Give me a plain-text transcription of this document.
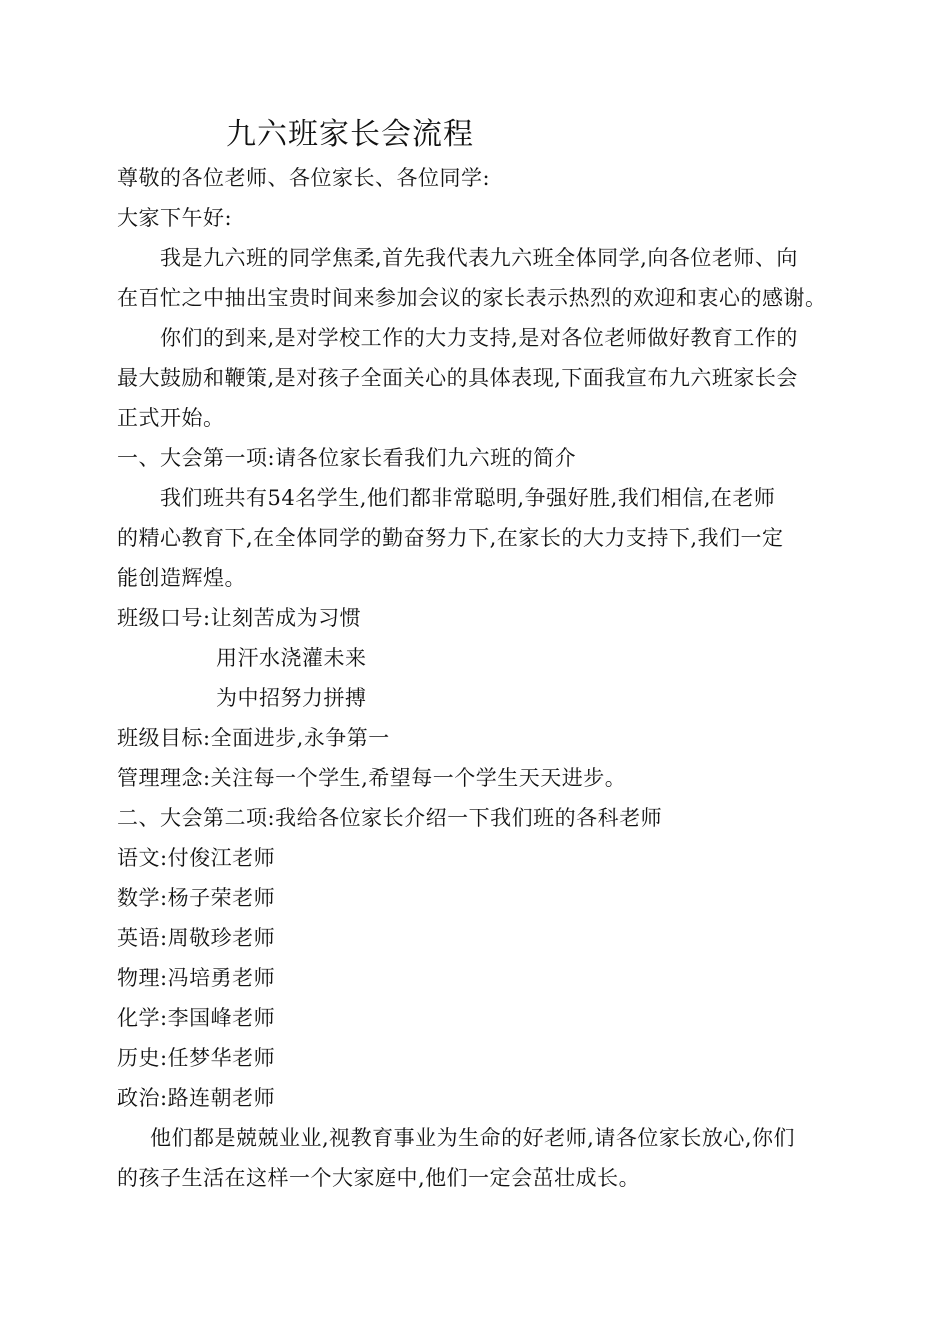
九六班家长会流程
尊敬的各位老师、各位家长、各位同学:
大家下午好:
我是九六班的同学焦柔,首先我代表九六班全体同学,向各位老师、向
在百忙之中抽出宝贵时间来参加会议的家长表示热烈的欢迎和衷心的感谢。
你们的到来,是对学校工作的大力支持,是对各位老师做好教育工作的
最大鼓励和鞭策,是对孩子全面关心的具体表现,下面我宣布九六班家长会
正式开始。
一、大会第一项:请各位家长看我们九六班的简介
我们班共有54名学生,他们都非常聪明,争强好胜,我们相信,在老师
的精心教育下,在全体同学的勤奋努力下,在家长的大力支持下,我们一定
能创造辉煌。
班级口号:让刻苦成为习惯
用汗水浇灌未来
为中招努力拼搏
班级目标:全面进步,永争第一
管理理念:关注每一个学生,希望每一个学生天天进步。
二、大会第二项:我给各位家长介绍一下我们班的各科老师
语文:付俊江老师
数学:杨子荣老师
英语:周敬珍老师
物理:冯培勇老师
化学:李国峰老师
历史:任梦华老师
政治:路连朝老师
他们都是兢兢业业,视教育事业为生命的好老师,请各位家长放心,你们
的孩子生活在这样一个大家庭中,他们一定会茁壮成长。
